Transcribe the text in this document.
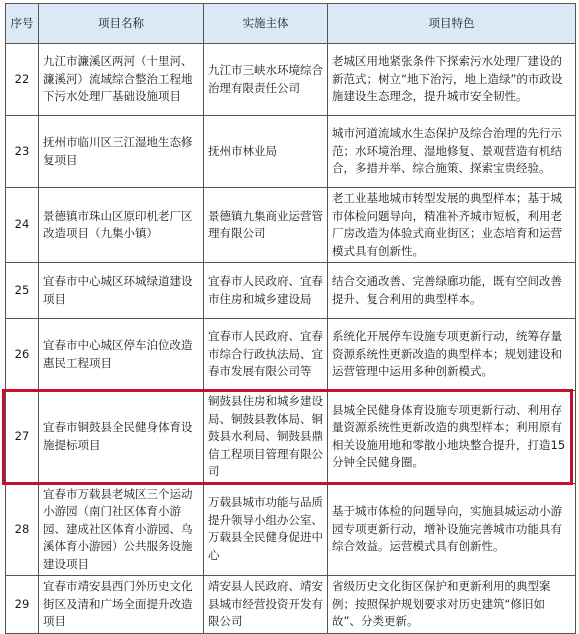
序号	项目名称	实施主体	项目特色
22	九江市濂溪区两河（十里河、濂溪河）流域综合整治工程地下污水处理厂基础设施项目	九江市三峡水环境综合治理有限责任公司	老城区用地紧张条件下探索污水处理厂建设的新范式；树立“地下治污，地上造绿”的市政设施建设生态理念，提升城市安全韧性。
23	抚州市临川区三江湿地生态修复项目	抚州市林业局	城市河道流域水生态保护及综合治理的先行示范；水环境治理、湿地修复、景观营造有机结合，多措并举、综合施策、探索宝贵经验。
24	景德镇市珠山区原印机老厂区改造项目（九集小镇）	景德镇九集商业运营管理有限公司	老工业基地城市转型发展的典型样本；基于城市体检问题导向，精准补齐城市短板，利用老厂房改造为体验式商业街区；业态培育和运营模式具有创新性。
25	宜春市中心城区环城绿道建设项目	宜春市人民政府、宜春市住房和城乡建设局	结合交通改善、完善绿廊功能，既有空间改善提升、复合利用的典型样本。
26	宜春市中心城区停车泊位改造惠民工程项目	宜春市人民政府、宜春市综合行政执法局、宜春市发展有限公司等	系统化开展停车设施专项更新行动，统筹存量资源系统性更新改造的典型样本；规划建设和运营管理中运用多种创新模式。
27	宜春市铜鼓县全民健身体育设施提标项目	铜鼓县住房和城乡建设局、铜鼓县教体局、铜鼓县水利局、铜鼓县鼎信工程项目管理有限公司	县城全民健身体育设施专项更新行动、利用存量资源系统性更新改造的典型样本；利用原有相关设施用地和零散小地块整合提升，打造15分钟全民健身圈。
28	宜春市万载县老城区三个运动小游园（南门社区体育小游园、建成社区体育小游园、乌溪体育小游园）公共服务设施建设项目	万载县城市功能与品质提升领导小组办公室、万载县全民健身促进中心	基于城市体检的问题导向，实施县城运动小游园专项更新行动，增补设施完善城市功能具有综合效益。运营模式具有创新性。
29	宜春市靖安县西门外历史文化街区及清和广场全面提升改造项目	靖安县人民政府、靖安县城市经营投资开发有限公司	省级历史文化街区保护和更新利用的典型案例；按照保护规划要求对历史建筑“修旧如故”、分类更新。
